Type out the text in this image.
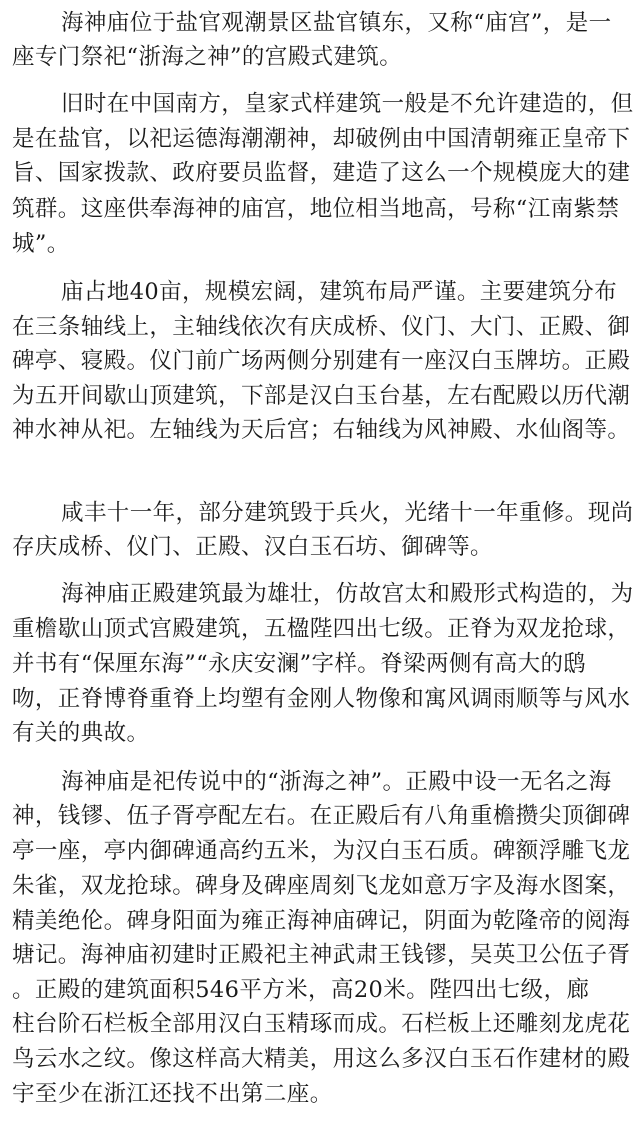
海神庙位于盐官观潮景区盐官镇东，又称“庙宫”，是一
座专门祭祀“浙海之神”的宫殿式建筑。
旧时在中国南方，皇家式样建筑一般是不允许建造的，但
是在盐官，以祀运德海潮潮神，却破例由中国清朝雍正皇帝下
旨、国家拨款、政府要员监督，建造了这么一个规模庞大的建
筑群。这座供奉海神的庙宫，地位相当地高，号称“江南紫禁
城”。
庙占地40亩，规模宏阔，建筑布局严谨。主要建筑分布
在三条轴线上，主轴线依次有庆成桥、仪门、大门、正殿、御
碑亭、寝殿。仪门前广场两侧分别建有一座汉白玉牌坊。正殿
为五开间歇山顶建筑，下部是汉白玉台基，左右配殿以历代潮
神水神从祀。左轴线为天后宫；右轴线为风神殿、水仙阁等。
咸丰十一年，部分建筑毁于兵火，光绪十一年重修。现尚
存庆成桥、仪门、正殿、汉白玉石坊、御碑等。
海神庙正殿建筑最为雄壮，仿故宫太和殿形式构造的，为
重檐歇山顶式宫殿建筑，五楹陛四出七级。正脊为双龙抢球，
并书有“保厘东海”“永庆安澜”字样。脊梁两侧有高大的鸱
吻，正脊博脊重脊上均塑有金刚人物像和寓风调雨顺等与风水
有关的典故。
海神庙是祀传说中的“浙海之神”。正殿中设一无名之海
神，钱镠、伍子胥亭配左右。在正殿后有八角重檐攒尖顶御碑
亭一座，亭内御碑通高约五米，为汉白玉石质。碑额浮雕飞龙
朱雀，双龙抢球。碑身及碑座周刻飞龙如意万字及海水图案，
精美绝伦。碑身阳面为雍正海神庙碑记，阴面为乾隆帝的阅海
塘记。海神庙初建时正殿祀主神武肃王钱镠，吴英卫公伍子胥
。正殿的建筑面积546平方米，高20米。陛四出七级，廊
柱台阶石栏板全部用汉白玉精琢而成。石栏板上还雕刻龙虎花
鸟云水之纹。像这样高大精美，用这么多汉白玉石作建材的殿
宇至少在浙江还找不出第二座。
